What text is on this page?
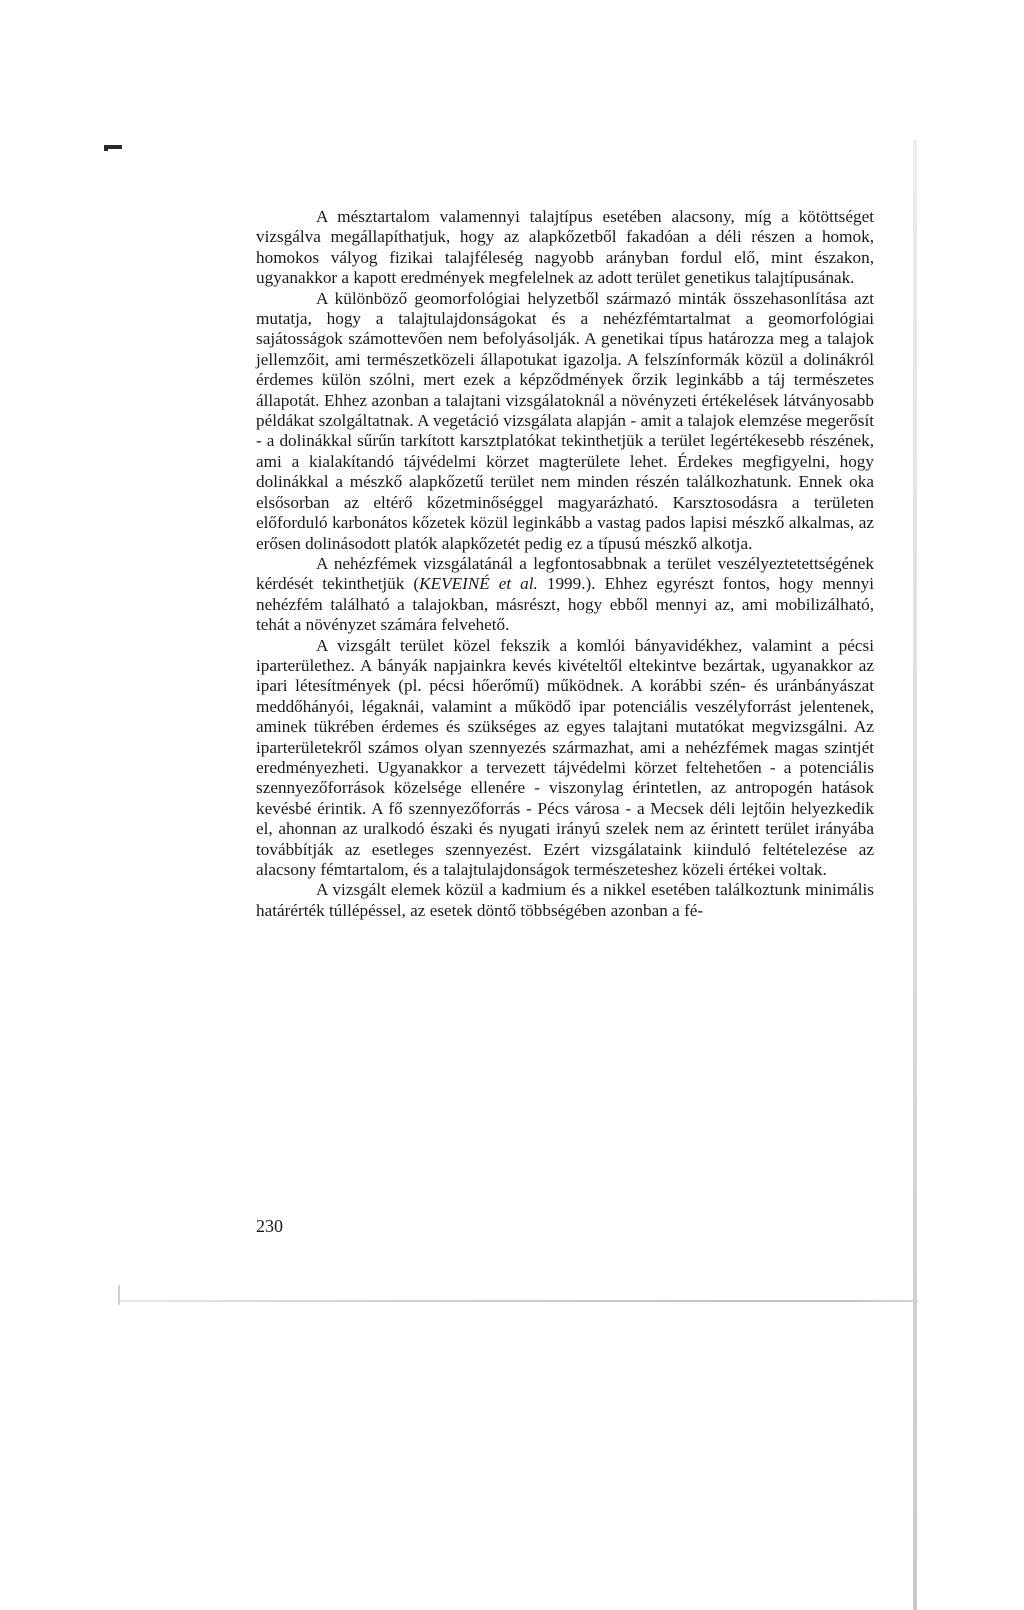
A mésztartalom valamennyi talajtípus esetében alacsony, míg a kötöttséget vizsgálva megállapíthatjuk, hogy az alapkőzetből fakadóan a déli részen a homok, homokos vályog fizikai talajféleség nagyobb arányban fordul elő, mint északon, ugyanakkor a kapott eredmények megfelelnek az adott terület genetikus talajtípusának.

A különböző geomorfológiai helyzetből származó minták összehasonlítása azt mutatja, hogy a talajtulajdonságokat és a nehézfémtartalmat a geomorfológiai sajátosságok számottevően nem befolyásolják. A genetikai típus határozza meg a talajok jellemzőit, ami természetközeli állapotukat igazolja. A felszínformák közül a dolinákról érdemes külön szólni, mert ezek a képződmények őrzik leginkább a táj természetes állapotát. Ehhez azonban a talajtani vizsgálatoknál a növényzeti értékelések látványosabb példákat szolgáltatnak. A vegetáció vizsgálata alapján - amit a talajok elemzése megerősít - a dolinákkal sűrűn tarkított karsztplatókat tekinthetjük a terület legértékesebb részének, ami a kialakítandó tájvédelmi körzet magterülete lehet. Érdekes megfigyelni, hogy dolinákkal a mészkő alapkőzetű terület nem minden részén találkozhatunk. Ennek oka elsősorban az eltérő kőzetminőséggel magyarázható. Karsztosodásra a területen előforduló karbonátos kőzetek közül leginkább a vastag pados lapisi mészkő alkalmas, az erősen dolinásodott platók alapkőzetét pedig ez a típusú mészkő alkotja.

A nehézfémek vizsgálatánál a legfontosabbnak a terület veszélyeztetettségének kérdését tekinthetjük (KEVEINÉ et al. 1999.). Ehhez egyrészt fontos, hogy mennyi nehézfém található a talajokban, másrészt, hogy ebből mennyi az, ami mobilizálható, tehát a növényzet számára felvehető.

A vizsgált terület közel fekszik a komlói bányavidékhez, valamint a pécsi iparterülethez. A bányák napjainkra kevés kivételtől eltekintve bezártak, ugyanakkor az ipari létesítmények (pl. pécsi hőerőmű) működnek. A korábbi szén- és uránbányászat meddőhányói, légaknái, valamint a működő ipar potenciális veszélyforrást jelentenek, aminek tükrében érdemes és szükséges az egyes talajtani mutatókat megvizsgálni. Az iparterületekről számos olyan szennyezés származhat, ami a nehézfémek magas szintjét eredményezheti. Ugyanakkor a tervezett tájvédelmi körzet feltehetően - a potenciális szennyezőforrások közelsége ellenére - viszonylag érintetlen, az antropogén hatások kevésbé érintik. A fő szennyezőforrás - Pécs városa - a Mecsek déli lejtőin helyezkedik el, ahonnan az uralkodó északi és nyugati irányú szelek nem az érintett terület irányába továbbítják az esetleges szennyezést. Ezért vizsgálataink kiinduló feltételezése az alacsony fémtartalom, és a talajtulajdonságok természeteshez közeli értékei voltak.

A vizsgált elemek közül a kadmium és a nikkel esetében találkoztunk minimális határérték túllépéssel, az esetek döntő többségében azonban a fé-

230
